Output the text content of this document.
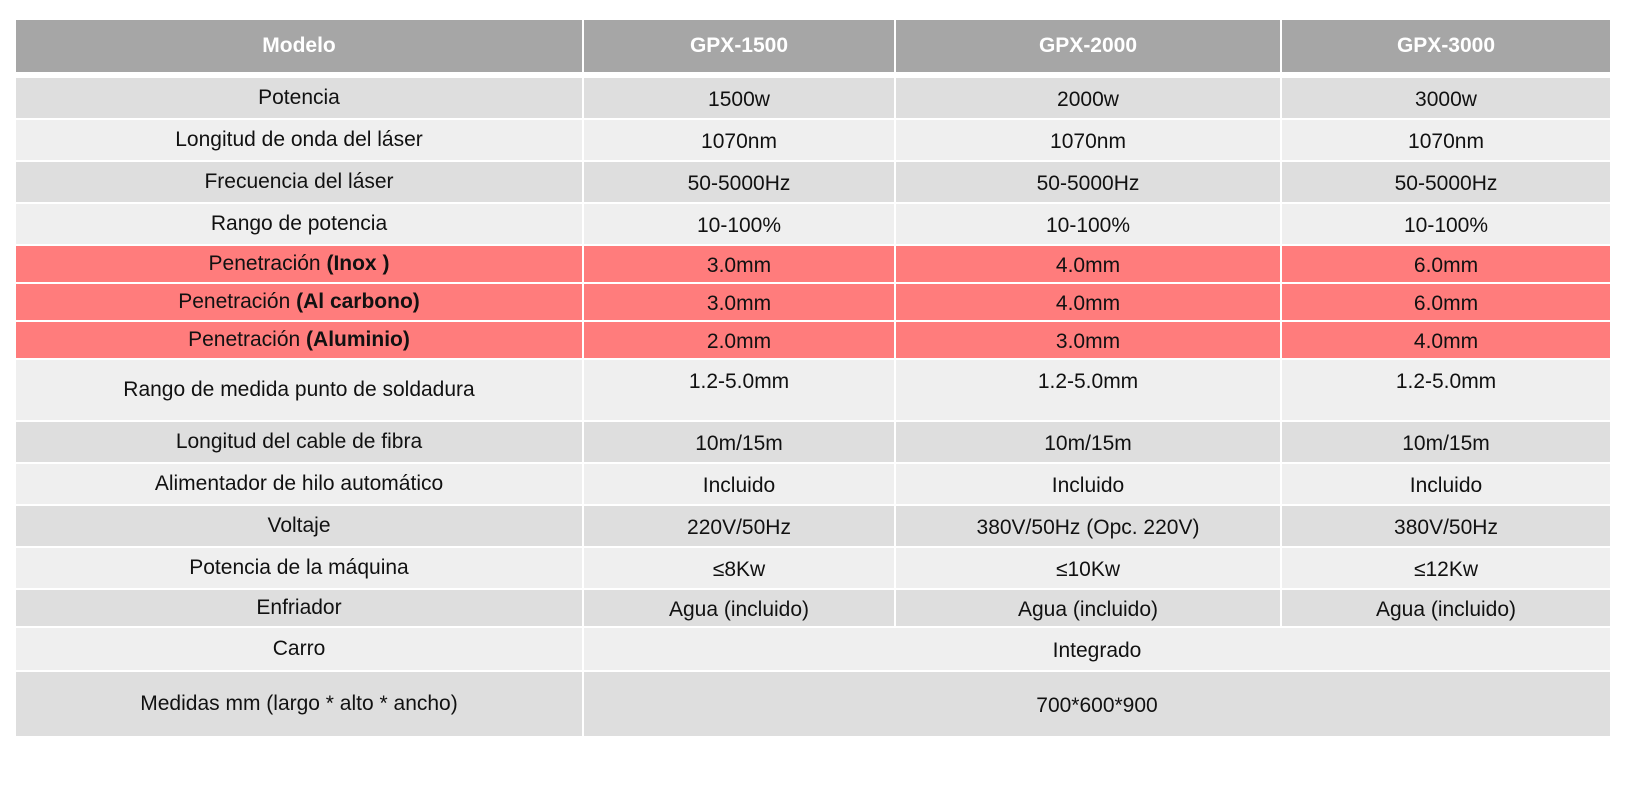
Modelo	GPX-1500	GPX-2000	GPX-3000
Potencia	1500w	2000w	3000w
Longitud de onda del láser	1070nm	1070nm	1070nm
Frecuencia del láser	50-5000Hz	50-5000Hz	50-5000Hz
Rango de potencia	10-100%	10-100%	10-100%
Penetración (Inox )	3.0mm	4.0mm	6.0mm
Penetración (Al carbono)	3.0mm	4.0mm	6.0mm
Penetración (Aluminio)	2.0mm	3.0mm	4.0mm
Rango de medida punto de soldadura	1.2-5.0mm	1.2-5.0mm	1.2-5.0mm
Longitud del cable de fibra	10m/15m	10m/15m	10m/15m
Alimentador de hilo automático	Incluido	Incluido	Incluido
Voltaje	220V/50Hz	380V/50Hz (Opc. 220V)	380V/50Hz
Potencia de la máquina	≤8Kw	≤10Kw	≤12Kw
Enfriador	Agua (incluido)	Agua (incluido)	Agua (incluido)
Carro	Integrado		
Medidas mm (largo * alto * ancho)	700*600*900		
